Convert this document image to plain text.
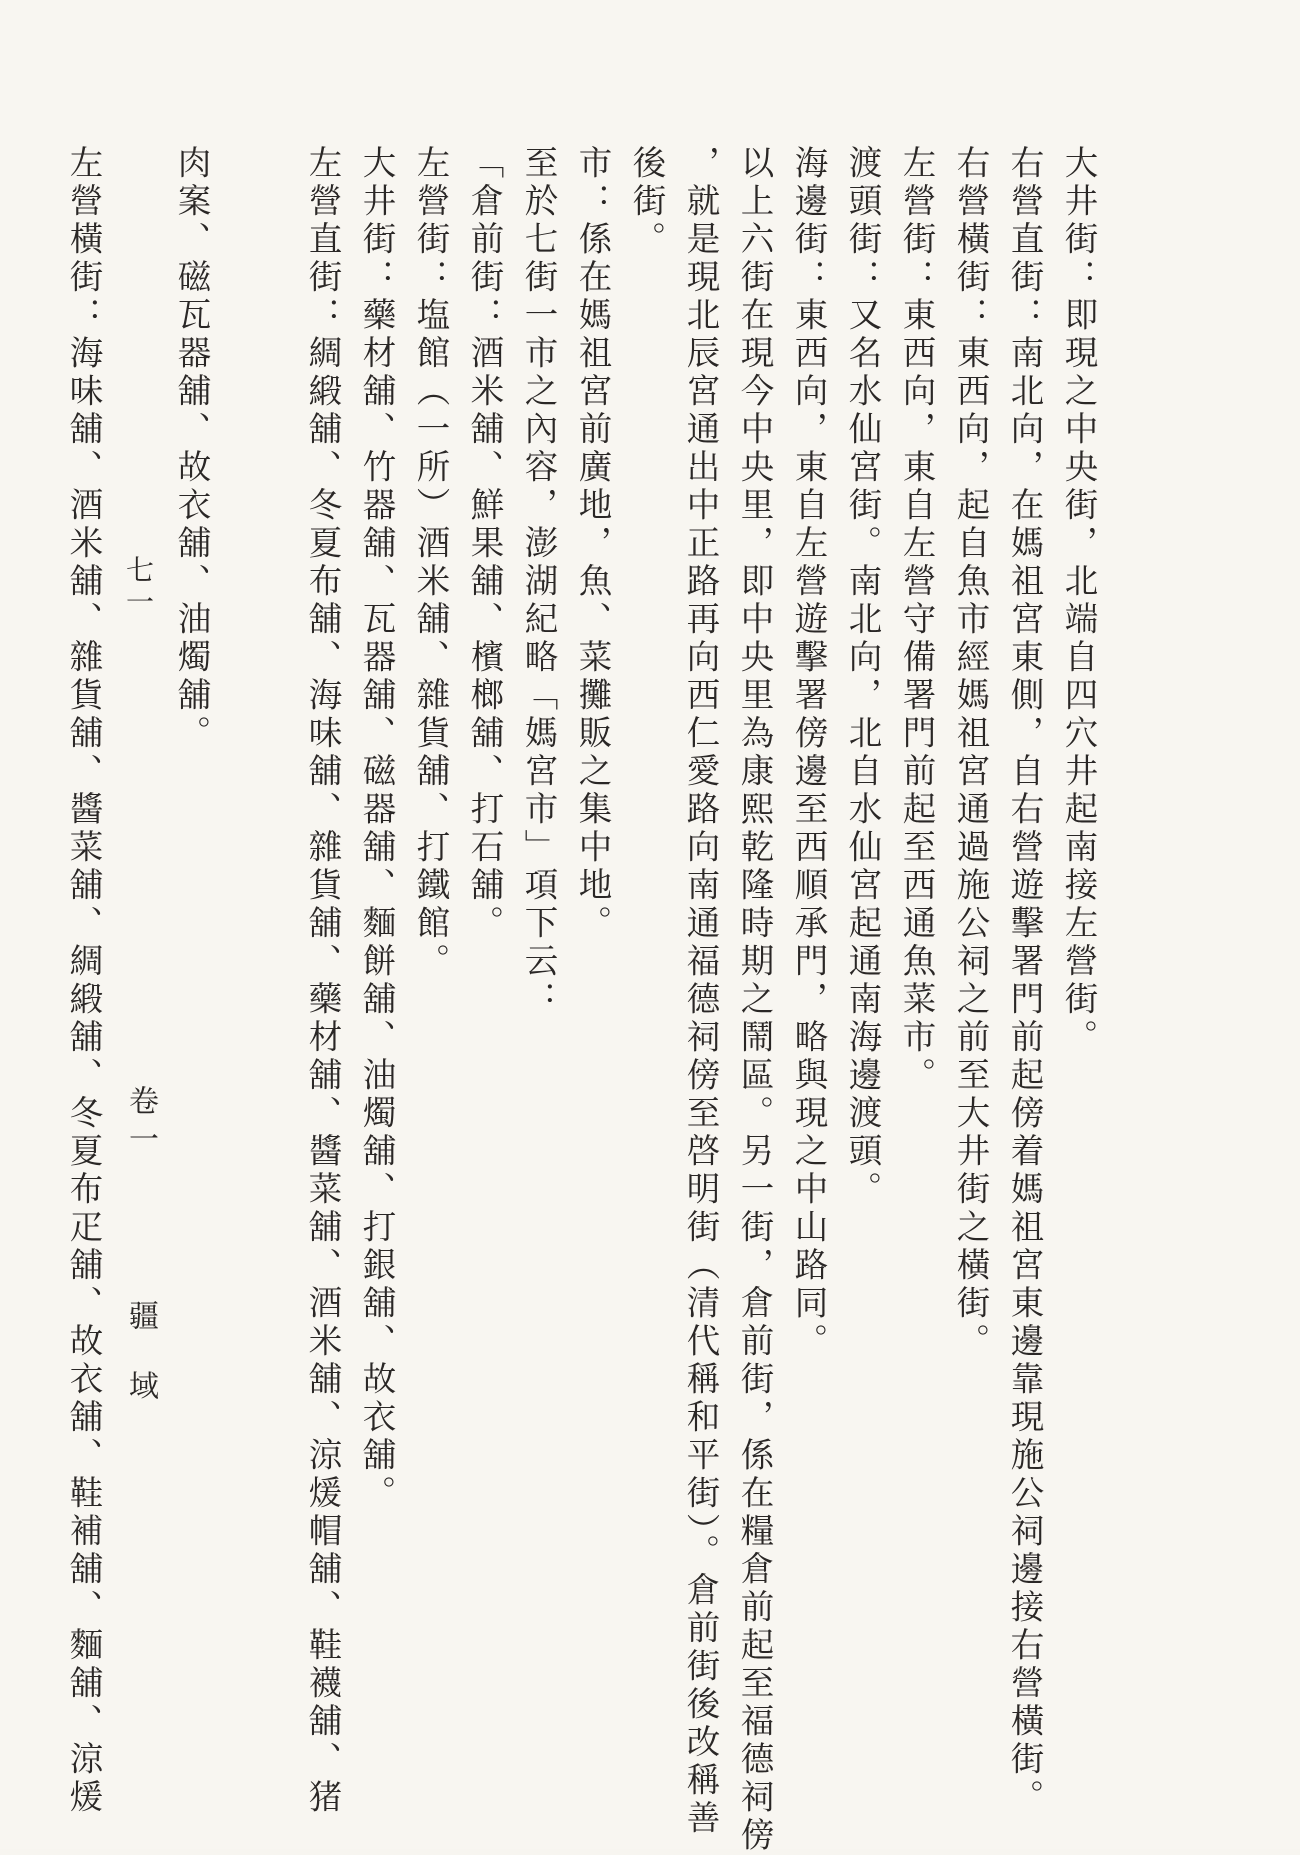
大井街：即現之中央街，北端自四穴井起南接左營街。
右營直街：南北向，在媽祖宮東側，自右營遊擊署門前起傍着媽祖宮東邊靠現施公祠邊接右營橫街。
右營橫街：東西向，起自魚市經媽祖宮通過施公祠之前至大井街之橫街。
左營街：東西向，東自左營守備署門前起至西通魚菜市。
渡頭街：又名水仙宮街。南北向，北自水仙宮起通南海邊渡頭。
海邊街：東西向，東自左營遊擊署傍邊至西順承門，略與現之中山路同。
以上六街在現今中央里，即中央里為康熙乾隆時期之鬧區。另一街，倉前街，係在糧倉前起至福德祠傍
，就是現北辰宮通出中正路再向西仁愛路向南通福德祠傍至啓明街（清代稱和平街）。倉前街後改稱善
後街。
市：係在媽祖宮前廣地，魚、菜攤販之集中地。
至於七街一市之內容，澎湖紀略「媽宮市」項下云：
「倉前街：酒米舖、鮮果舖、檳榔舖、打石舖。
左營街：塩館（一所）酒米舖、雜貨舖、打鐵館。
大井街：藥材舖、竹器舖、瓦器舖、磁器舖、麵餅舖、油燭舖、打銀舖、故衣舖。
左營直街：綢緞舖、冬夏布舖、海味舖、雜貨舖、藥材舖、醬菜舖、酒米舖、涼煖帽舖、鞋襪舖、猪
肉案、磁瓦器舖、故衣舖、油燭舖。
左營橫街：海味舖、酒米舖、雜貨舖、醬菜舖、綢緞舖、冬夏布疋舖、故衣舖、鞋補舖、麵舖、涼煖 卷一
疆域
七一
